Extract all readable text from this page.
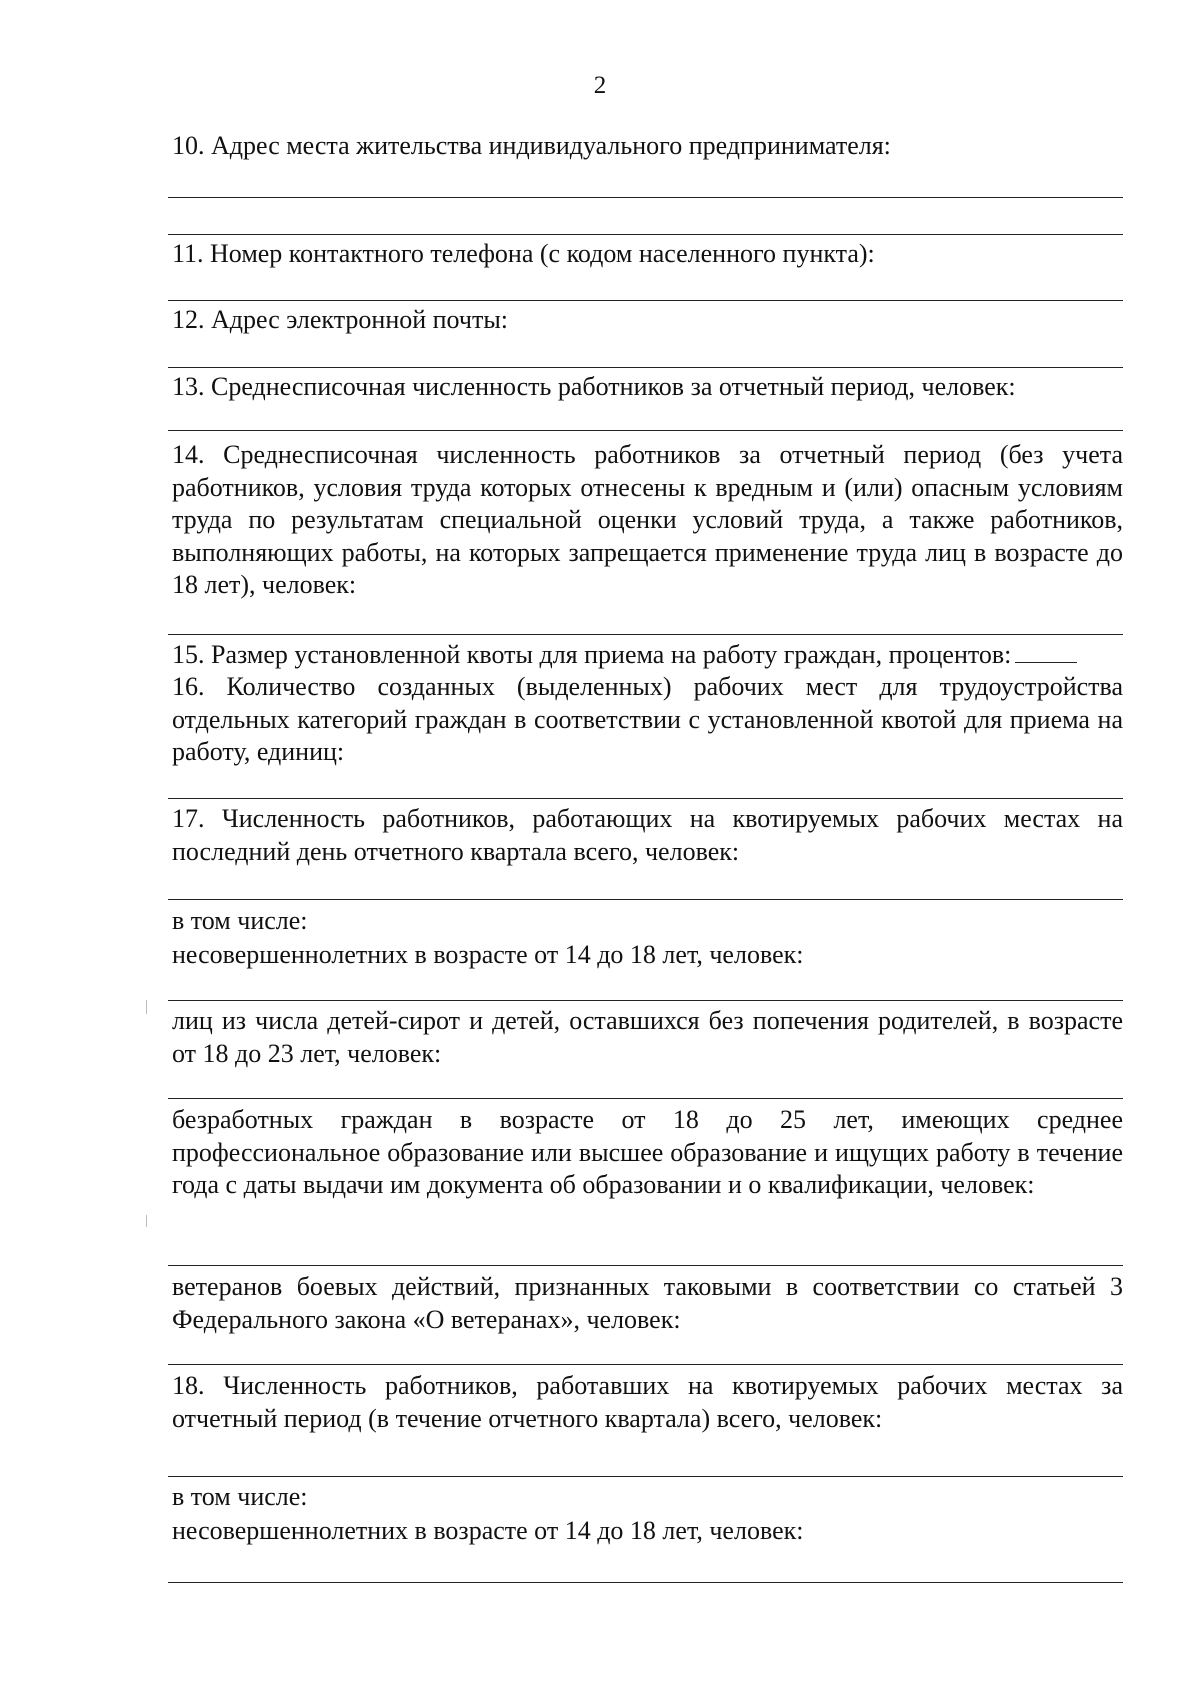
2
10. Адрес места жительства индивидуального предпринимателя:
11. Номер контактного телефона (с кодом населенного пункта):
12. Адрес электронной почты:
13. Среднесписочная численность работников за отчетный период, человек:
14. Среднесписочная численность работников за отчетный период (без учета работников, условия труда которых отнесены к вредным и (или) опасным условиям труда по результатам специальной оценки условий труда, а также работников, выполняющих работы, на которых запрещается применение труда лиц в возрасте до 18 лет), человек:
15. Размер установленной квоты для приема на работу граждан, процентов:
16. Количество созданных (выделенных) рабочих мест для трудоустройства отдельных категорий граждан в соответствии с установленной квотой для приема на работу, единиц:
17. Численность работников, работающих на квотируемых рабочих местах на последний день отчетного квартала всего, человек:
в том числе:
несовершеннолетних в возрасте от 14 до 18 лет, человек:
лиц из числа детей-сирот и детей, оставшихся без попечения родителей, в возрасте от 18 до 23 лет, человек:
безработных граждан в возрасте от 18 до 25 лет, имеющих среднее профессиональное образование или высшее образование и ищущих работу в течение года с даты выдачи им документа об образовании и о квалификации, человек:
ветеранов боевых действий, признанных таковыми в соответствии со статьей 3 Федерального закона «О ветеранах», человек:
18. Численность работников, работавших на квотируемых рабочих местах за отчетный период (в течение отчетного квартала) всего, человек:
в том числе:
несовершеннолетних в возрасте от 14 до 18 лет, человек:
